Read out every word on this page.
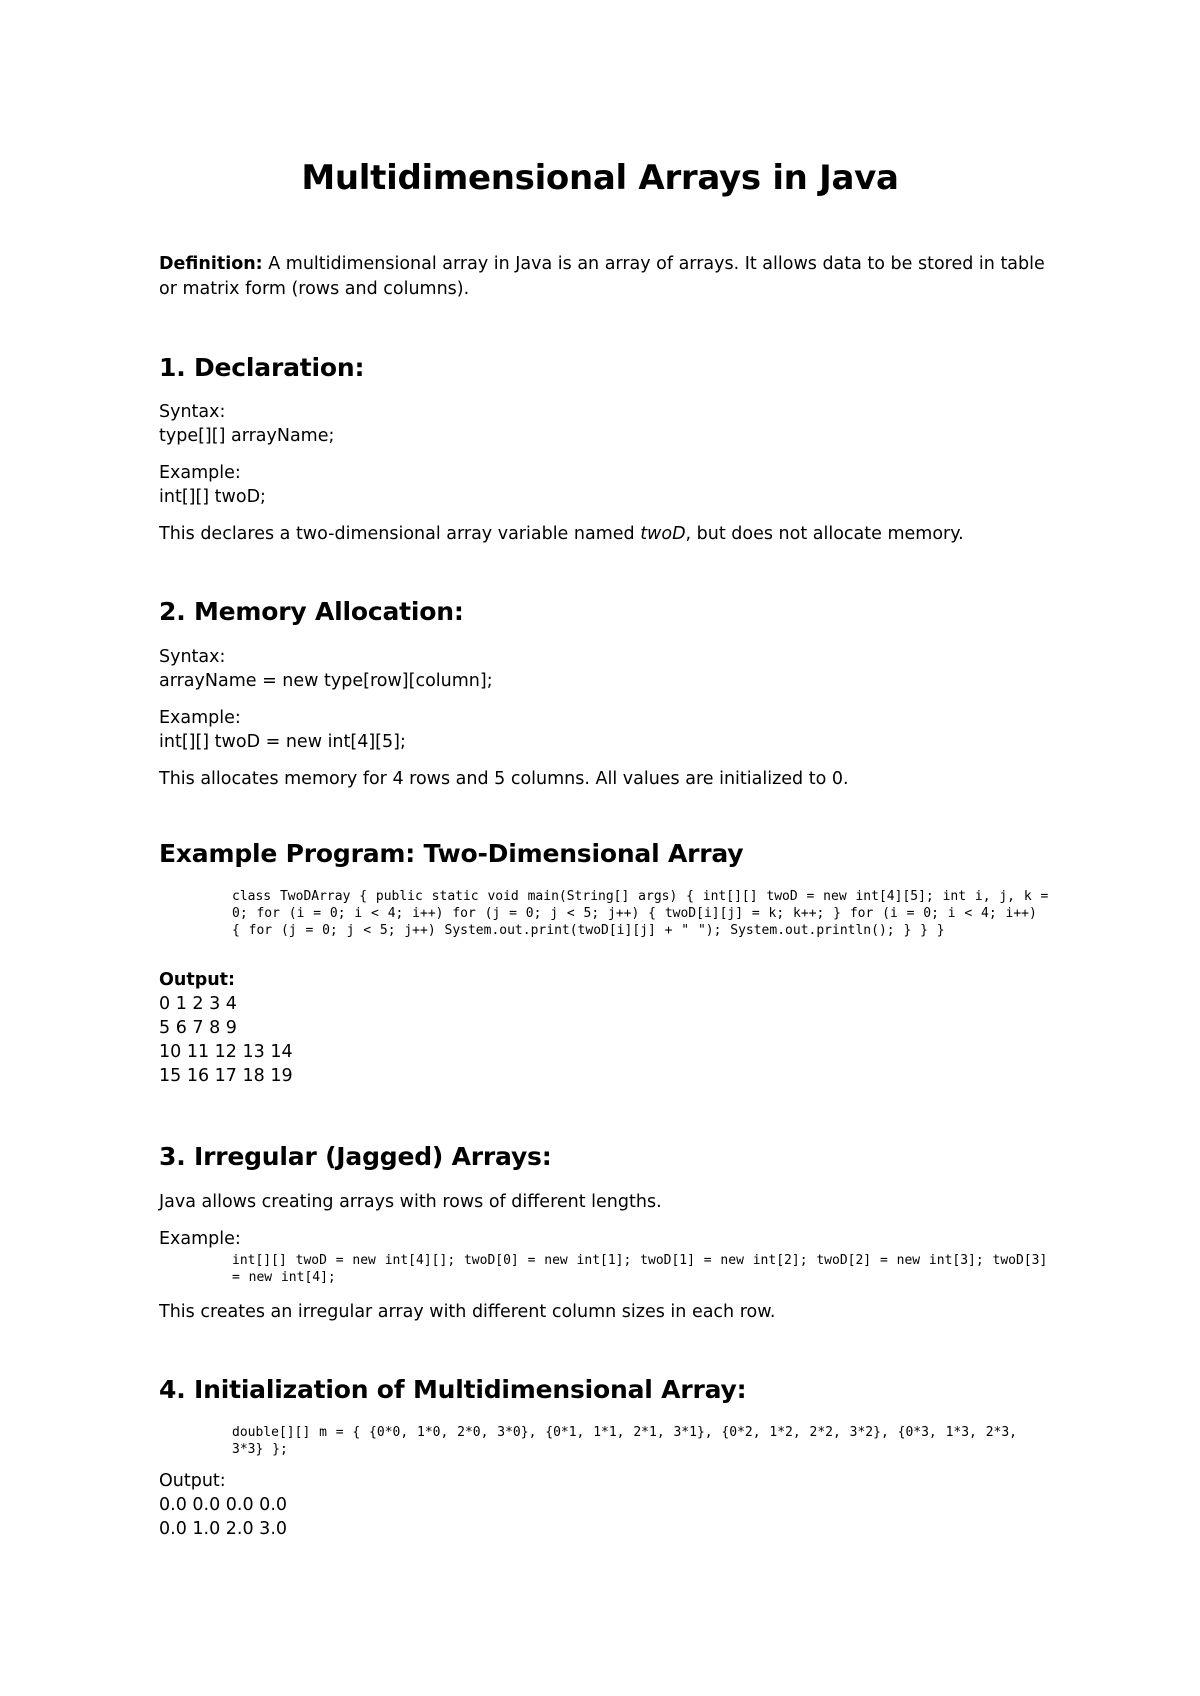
Multidimensional Arrays in Java

Definition: A multidimensional array in Java is an array of arrays. It allows data to be stored in table or matrix form (rows and columns).

1. Declaration:
Syntax:
type[][] arrayName;
Example:
int[][] twoD;
This declares a two-dimensional array variable named twoD, but does not allocate memory.
2. Memory Allocation:
Syntax:
arrayName = new type[row][column];
Example:
int[][] twoD = new int[4][5];
This allocates memory for 4 rows and 5 columns. All values are initialized to 0.
Example Program: Two-Dimensional Array
class TwoDArray { public static void main(String[] args) { int[][] twoD = new int[4][5]; int i, j, k = 0; for (i = 0; i < 4; i++) for (j = 0; j < 5; j++) { twoD[i][j] = k; k++; } for (i = 0; i < 4; i++) { for (j = 0; j < 5; j++) System.out.print(twoD[i][j] + " "); System.out.println(); } } }
Output:
0 1 2 3 4
5 6 7 8 9
10 11 12 13 14
15 16 17 18 19
3. Irregular (Jagged) Arrays:
Java allows creating arrays with rows of different lengths.
Example:
int[][] twoD = new int[4][]; twoD[0] = new int[1]; twoD[1] = new int[2]; twoD[2] = new int[3]; twoD[3] = new int[4];
This creates an irregular array with different column sizes in each row.
4. Initialization of Multidimensional Array:
double[][] m = { {0*0, 1*0, 2*0, 3*0}, {0*1, 1*1, 2*1, 3*1}, {0*2, 1*2, 2*2, 3*2}, {0*3, 1*3, 2*3, 3*3} };
Output:
0.0 0.0 0.0 0.0
0.0 1.0 2.0 3.0
